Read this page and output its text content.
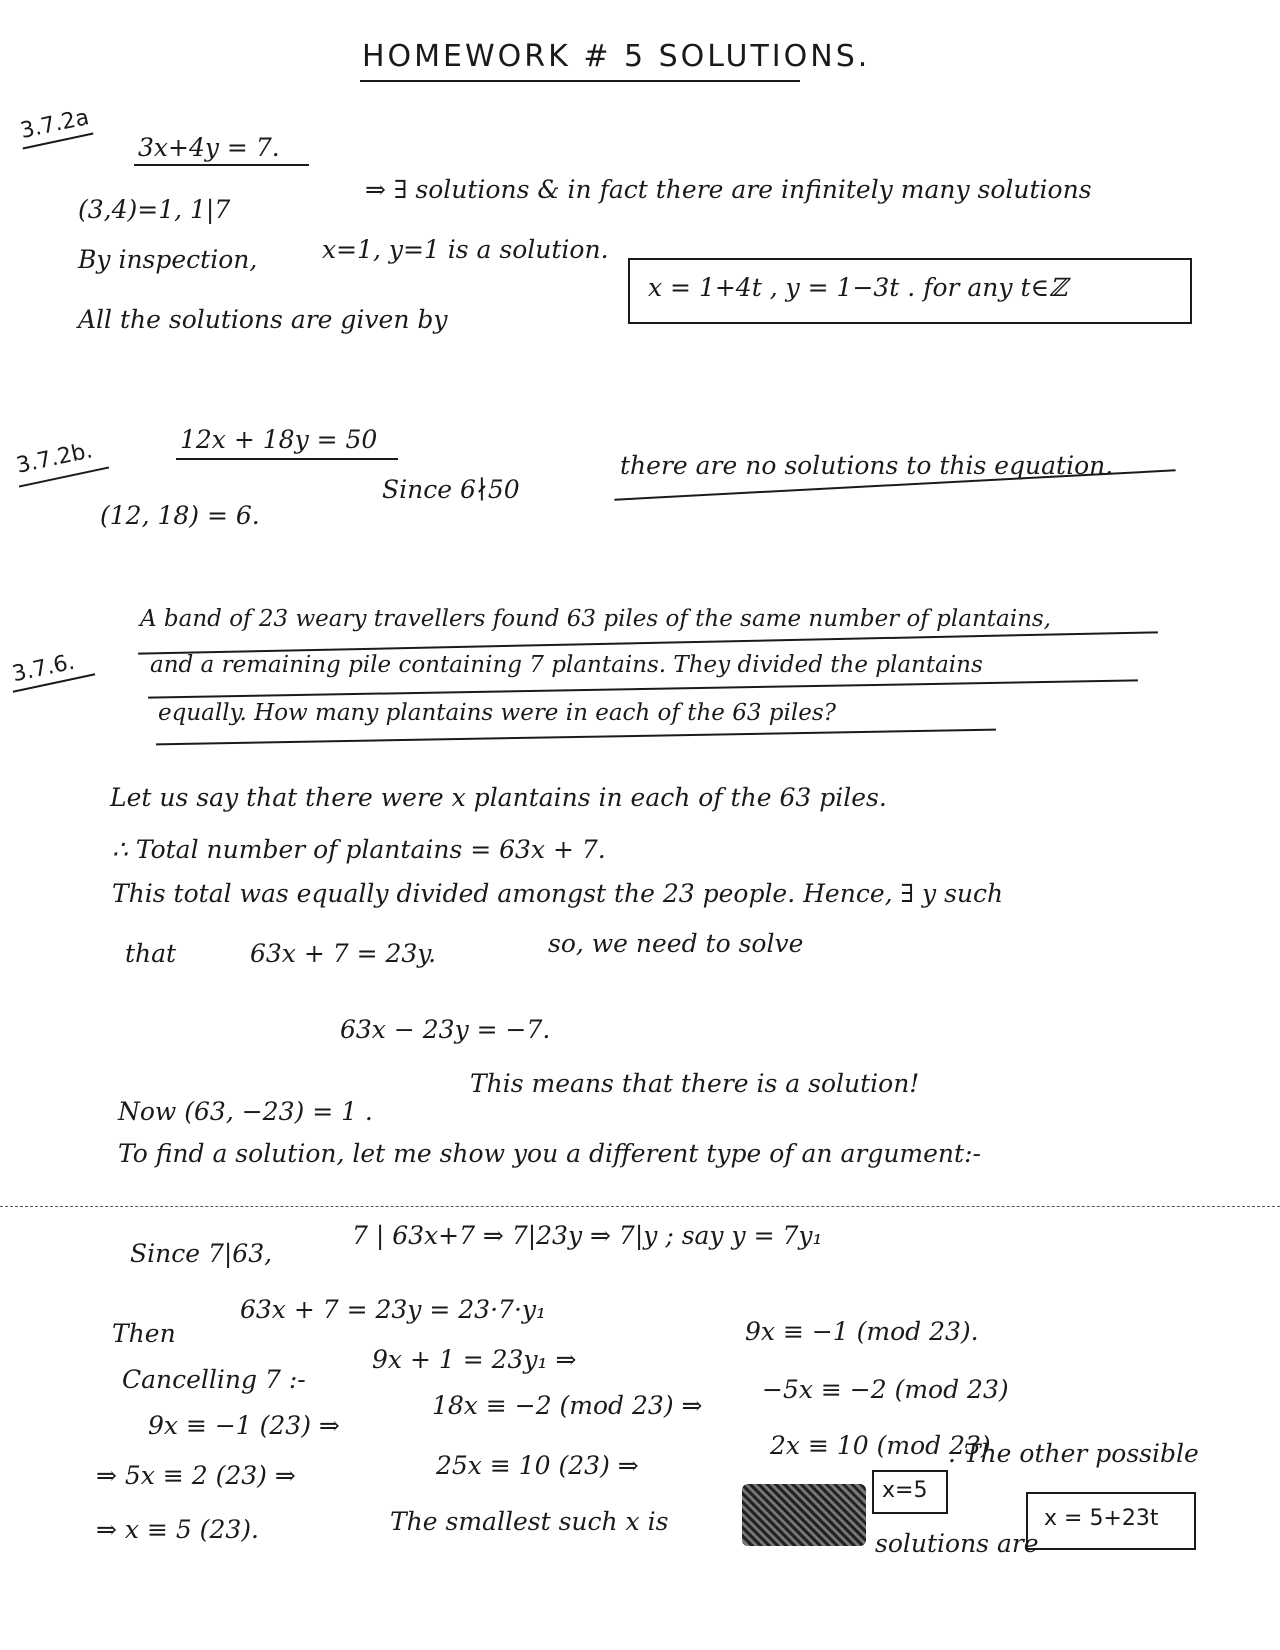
HOMEWORK # 5 SOLUTIONS.
3.7.2a
3x+4y = 7.
(3,4)=1, 1|7
⇒ ∃ solutions & in fact there are infinitely many solutions
By inspection,	x=1, y=1 is a solution.
All the solutions are given by
x = 1+4t , y = 1−3t . for any t∈ℤ
3.7.2b.	12x + 18y = 50
(12, 18) = 6.
Since 6∤50
there are no solutions to this equation.
3.7.6.
A band of 23 weary travellers found 63 piles of the same number of plantains,
and a remaining pile containing 7 plantains. They divided the plantains
equally. How many plantains were in each of the 63 piles?
Let us say that there were x plantains in each of the 63 piles.
∴ Total number of plantains = 63x + 7.
This total was equally divided amongst the 23 people. Hence, ∃ y such
that	63x + 7 = 23y.	so, we need to solve
63x − 23y = −7.
Now (63, −23) = 1 .
This means that there is a solution!
To find a solution, let me show you a different type of an argument:-
Since 7|63,
7 | 63x+7 ⇒ 7|23y ⇒ 7|y ; say y = 7y₁
Then
63x + 7 = 23y = 23·7·y₁
Cancelling 7 :-
9x + 1 = 23y₁ ⇒
9x ≡ −1 (mod 23).
9x ≡ −1 (23) ⇒
18x ≡ −2 (mod 23) ⇒
−5x ≡ −2 (mod 23)
⇒ 5x ≡ 2 (23) ⇒	25x ≡ 10 (23) ⇒
2x ≡ 10 (mod 23)
⇒ x ≡ 5 (23).	The smallest such x is
x=5
. The other possible
solutions are
x = 5+23t
